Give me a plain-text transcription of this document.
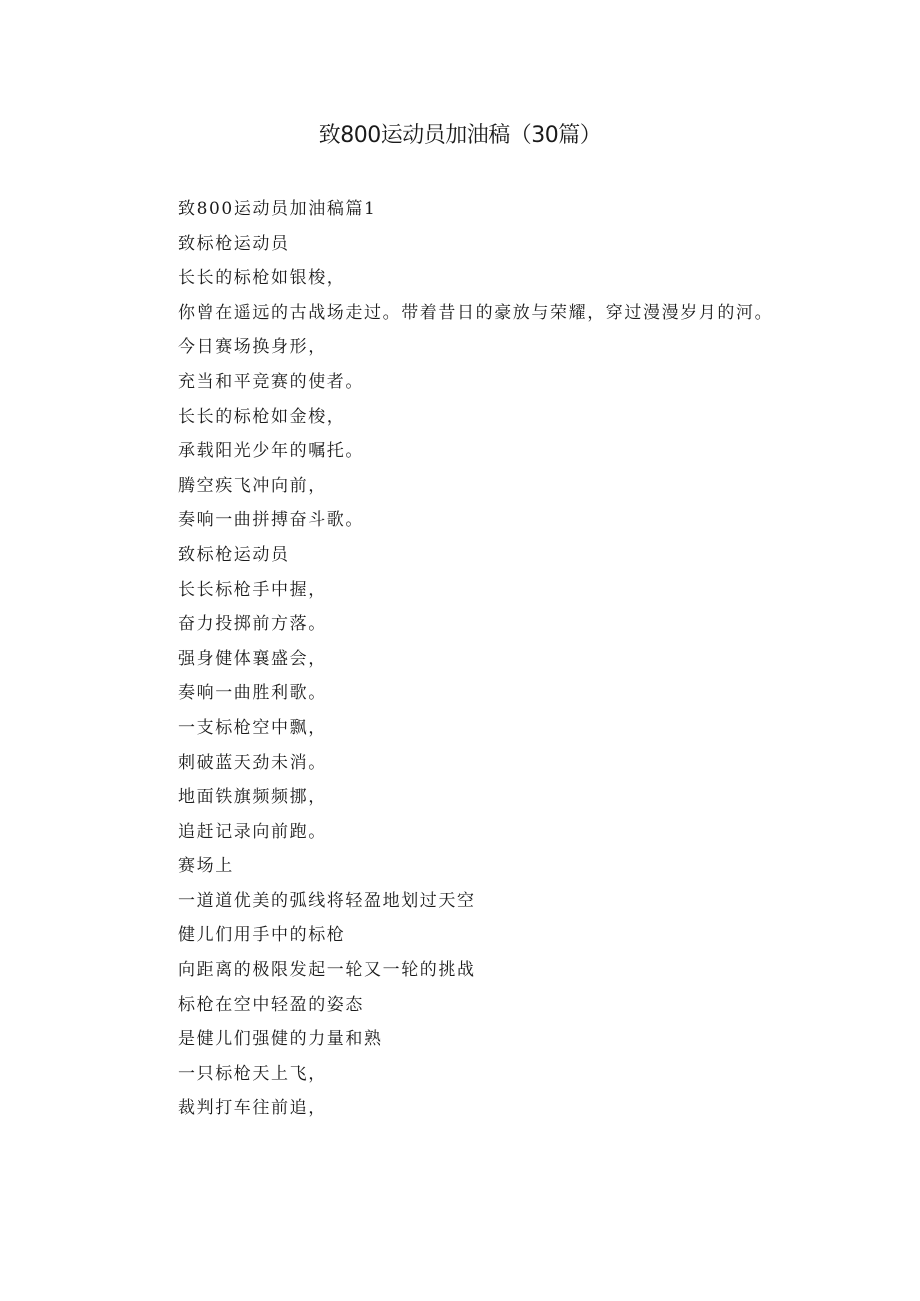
致800运动员加油稿（30篇）

致800运动员加油稿篇1

致标枪运动员

长长的标枪如银梭，

你曾在遥远的古战场走过。带着昔日的豪放与荣耀，穿过漫漫岁月的河。

今日赛场换身形，

充当和平竞赛的使者。

长长的标枪如金梭，

承载阳光少年的嘱托。

腾空疾飞冲向前，

奏响一曲拼搏奋斗歌。

致标枪运动员

长长标枪手中握，

奋力投掷前方落。

强身健体襄盛会，

奏响一曲胜利歌。

一支标枪空中飘，

刺破蓝天劲未消。

地面铁旗频频挪，

追赶记录向前跑。

赛场上

一道道优美的弧线将轻盈地划过天空

健儿们用手中的标枪

向距离的极限发起一轮又一轮的挑战

标枪在空中轻盈的姿态

是健儿们强健的力量和熟

一只标枪天上飞，

裁判打车往前追，
